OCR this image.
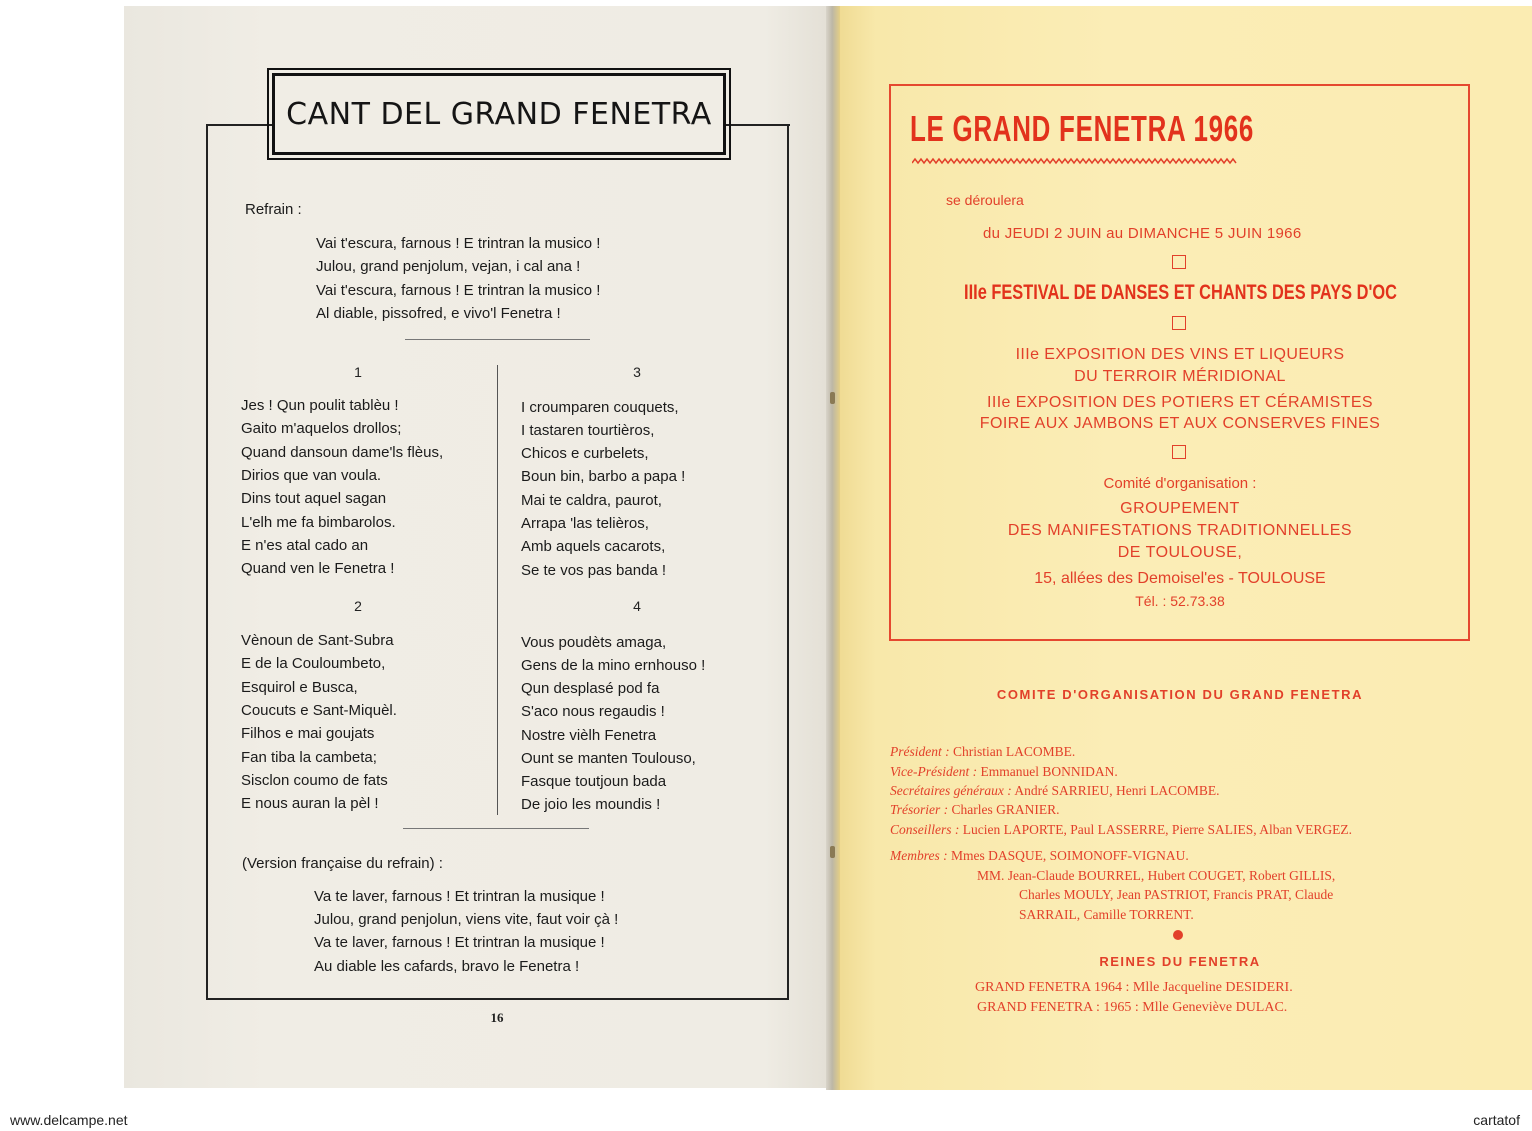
CANT DEL GRAND FENETRA
Refrain :
Vai t'escura, farnous ! E trintran la musico !
Julou, grand penjolum, vejan, i cal ana !
Vai t'escura, farnous ! E trintran la musico !
Al diable, pissofred, e vivo'l Fenetra !
1	3
2	4
Jes ! Qun poulit tablèu !
Gaito m'aquelos drollos;
Quand dansoun dame'ls flèus,
Dirios que van voula.
Dins tout aquel sagan
L'elh me fa bimbarolos.
E n'es atal cado an
Quand ven le Fenetra !
I croumparen couquets,
I tastaren tourtièros,
Chicos e curbelets,
Boun bin, barbo a papa !
Mai te caldra, paurot,
Arrapa 'las telièros,
Amb aquels cacarots,
Se te vos pas banda !
Vènoun de Sant-Subra
E de la Couloumbeto,
Esquirol e Busca,
Coucuts e Sant-Miquèl.
Filhos e mai goujats
Fan tiba la cambeta;
Sisclon coumo de fats
E nous auran la pèl !
Vous poudèts amaga,
Gens de la mino ernhouso !
Qun desplasé pod fa
S'aco nous regaudis !
Nostre vièlh Fenetra
Ount se manten Toulouso,
Fasque toutjoun bada
De joio les moundis !
(Version française du refrain) :
Va te laver, farnous ! Et trintran la musique !
Julou, grand penjolun, viens vite, faut voir çà !
Va te laver, farnous ! Et trintran la musique !
Au diable les cafards, bravo le Fenetra !
16
LE GRAND FENETRA 1966
se déroulera
du JEUDI 2 JUIN au DIMANCHE 5 JUIN 1966
IIIe FESTIVAL DE DANSES ET CHANTS DES PAYS D'OC
IIIe EXPOSITION DES VINS ET LIQUEURS
DU TERROIR MÉRIDIONAL
IIIe EXPOSITION DES POTIERS ET CÉRAMISTES
FOIRE AUX JAMBONS ET AUX CONSERVES FINES
Comité d'organisation :
GROUPEMENT
DES MANIFESTATIONS TRADITIONNELLES
DE TOULOUSE,
15, allées des Demoisel'es - TOULOUSE
Tél. : 52.73.38
COMITE D'ORGANISATION DU GRAND FENETRA
Président : Christian LACOMBE.
Vice-Président : Emmanuel BONNIDAN.
Secrétaires généraux : André SARRIEU, Henri LACOMBE.
Trésorier : Charles GRANIER.
Conseillers : Lucien LAPORTE, Paul LASSERRE, Pierre SALIES, Alban VERGEZ.
Membres : Mmes DASQUE, SOIMONOFF-VIGNAU.
MM. Jean-Claude BOURREL, Hubert COUGET, Robert GILLIS,
Charles MOULY, Jean PASTRIOT, Francis PRAT, Claude
SARRAIL, Camille TORRENT.
REINES DU FENETRA
GRAND FENETRA 1964 : Mlle Jacqueline DESIDERI.
GRAND FENETRA : 1965 : Mlle Geneviève DULAC.
www.delcampe.net	cartatof
